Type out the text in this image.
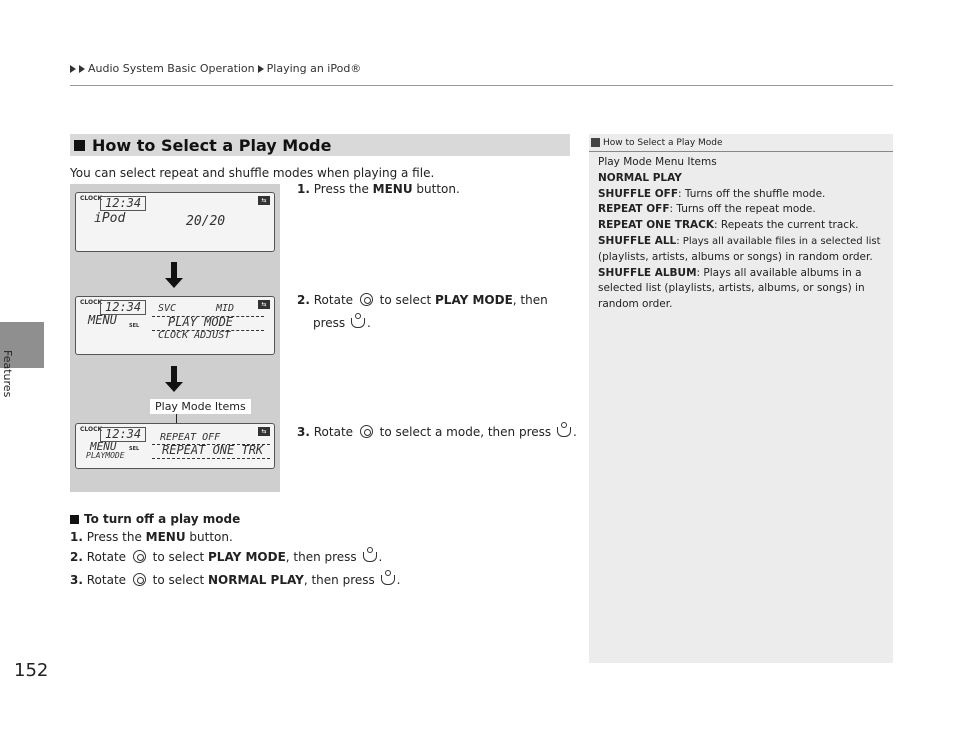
Audio System Basic Operation Playing an iPod®
Features
152
How to Select a Play Mode
You can select repeat and shuffle modes when playing a file.
CLOCK 12:34	⇆
iPod	20/20
CLOCK 12:34	⇆
MENU SEL
SVC	MID
PLAY MODE
CLOCK ADJUST
Play Mode Items
CLOCK 12:34	⇆
MENU
PLAYMODE
SEL
REPEAT OFF
REPEAT ONE TRK
1. Press the MENU button.
2. Rotate  to select PLAY MODE, then
press .
3. Rotate  to select a mode, then press .
To turn off a play mode
1. Press the MENU button.
2. Rotate  to select PLAY MODE, then press .
3. Rotate  to select NORMAL PLAY, then press .
How to Select a Play Mode
Play Mode Menu Items
NORMAL PLAY
SHUFFLE OFF: Turns off the shuffle mode.
REPEAT OFF: Turns off the repeat mode.
REPEAT ONE TRACK: Repeats the current track.
SHUFFLE ALL: Plays all available files in a selected list
(playlists, artists, albums or songs) in random order.
SHUFFLE ALBUM: Plays all available albums in a
selected list (playlists, artists, albums, or songs) in
random order.
